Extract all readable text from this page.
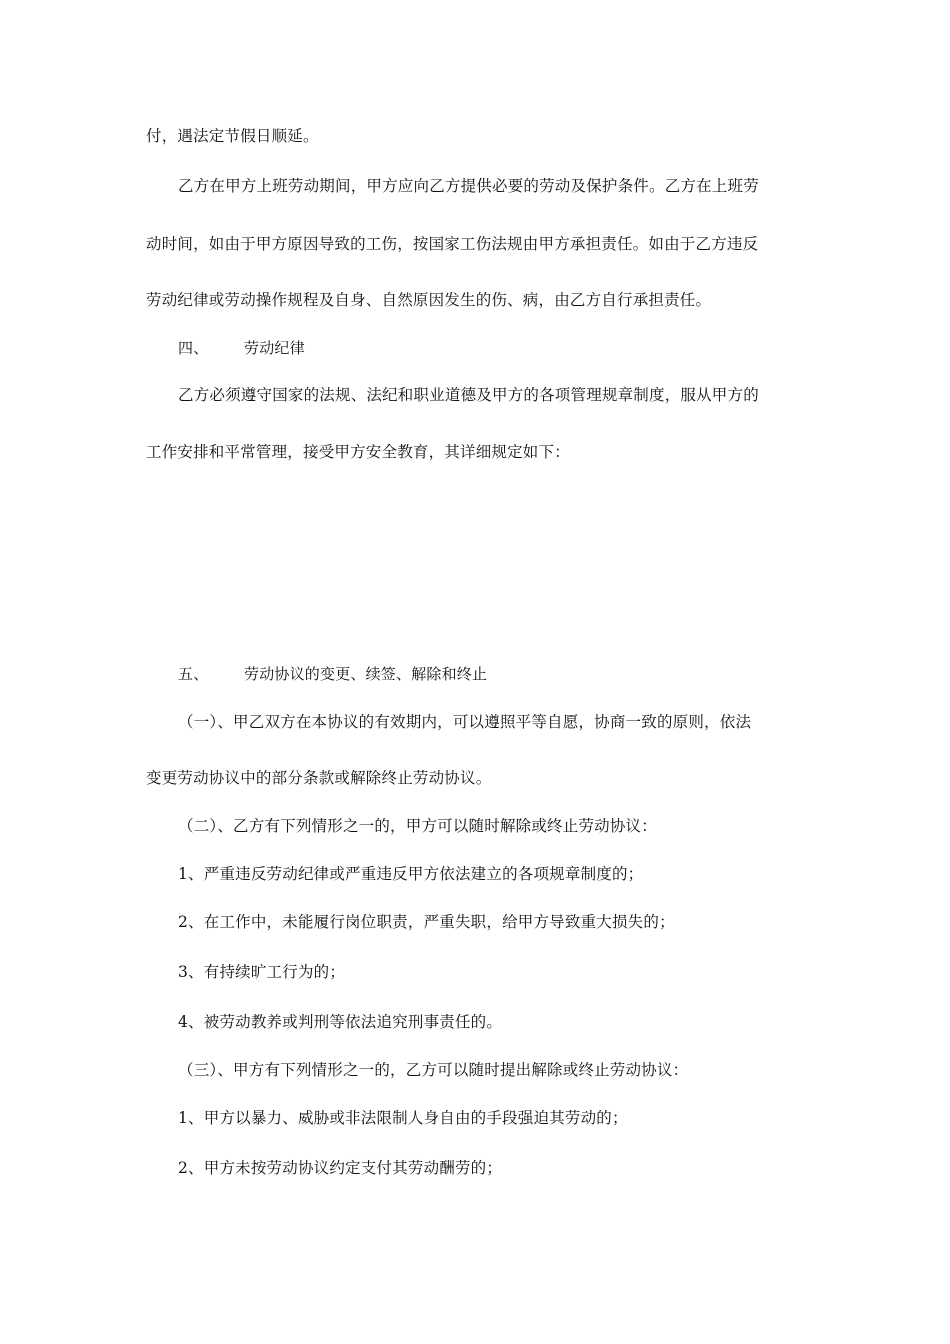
付，遇法定节假日顺延。
乙方在甲方上班劳动期间，甲方应向乙方提供必要的劳动及保护条件。乙方在上班劳
动时间，如由于甲方原因导致的工伤，按国家工伤法规由甲方承担责任。如由于乙方违反
劳动纪律或劳动操作规程及自身、自然原因发生的伤、病，由乙方自行承担责任。
四、 劳动纪律
乙方必须遵守国家的法规、法纪和职业道德及甲方的各项管理规章制度，服从甲方的
工作安排和平常管理，接受甲方安全教育，其详细规定如下：
五、 劳动协议的变更、续签、解除和终止
（一）、甲乙双方在本协议的有效期内，可以遵照平等自愿，协商一致的原则，依法
变更劳动协议中的部分条款或解除终止劳动协议。
（二）、乙方有下列情形之一的，甲方可以随时解除或终止劳动协议：
1、严重违反劳动纪律或严重违反甲方依法建立的各项规章制度的；
2、在工作中，未能履行岗位职责，严重失职，给甲方导致重大损失的；
3、有持续旷工行为的；
4、被劳动教养或判刑等依法追究刑事责任的。
（三）、甲方有下列情形之一的，乙方可以随时提出解除或终止劳动协议：
1、甲方以暴力、威胁或非法限制人身自由的手段强迫其劳动的；
2、甲方未按劳动协议约定支付其劳动酬劳的；
